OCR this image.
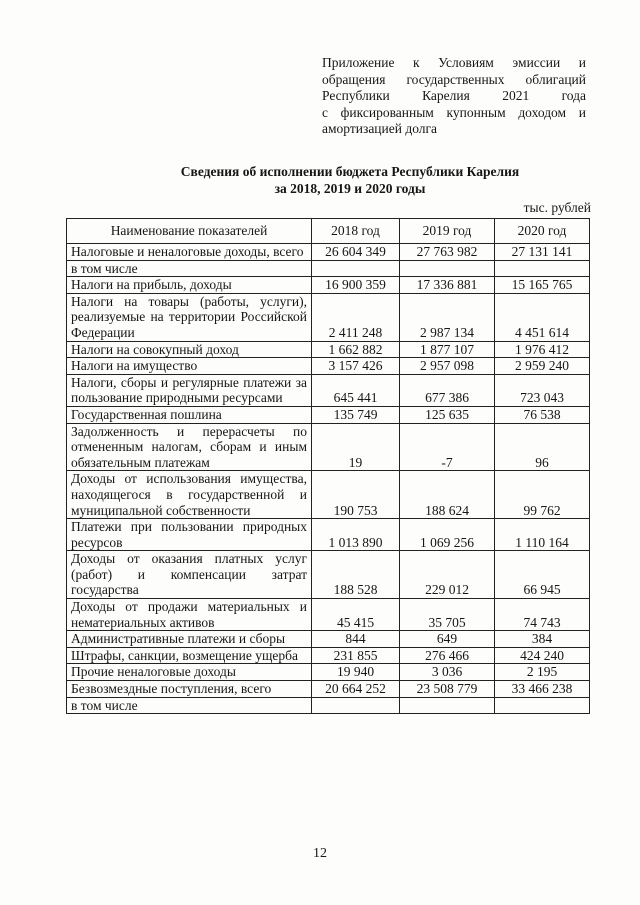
Приложение к Условиям эмиссии и
обращения государственных облигаций
Республики Карелия 2021 года
с фиксированным купонным доходом и
амортизацией долга
Сведения об исполнении бюджета Республики Карелия
за 2018, 2019 и 2020 годы
тыс. рублей
Наименование показателей	2018 год	2019 год	2020 год
Налоговые и неналоговые доходы, всего	26 604 349	27 763 982	27 131 141
в том числе			
Налоги на прибыль, доходы	16 900 359	17 336 881	15 165 765
Налоги на товары (работы, услуги), реализуемые на территории Российской Федерации	2 411 248	2 987 134	4 451 614
Налоги на совокупный доход	1 662 882	1 877 107	1 976 412
Налоги на имущество	3 157 426	2 957 098	2 959 240
Налоги, сборы и регулярные платежи за пользование природными ресурсами	645 441	677 386	723 043
Государственная пошлина	135 749	125 635	76 538
Задолженность и перерасчеты по отмененным налогам, сборам и иным обязательным платежам	19	-7	96
Доходы от использования имущества, находящегося в государственной и муниципальной собственности	190 753	188 624	99 762
Платежи при пользовании природных ресурсов	1 013 890	1 069 256	1 110 164
Доходы от оказания платных услуг (работ) и компенсации затрат государства	188 528	229 012	66 945
Доходы от продажи материальных и нематериальных активов	45 415	35 705	74 743
Административные платежи и сборы	844	649	384
Штрафы, санкции, возмещение ущерба	231 855	276 466	424 240
Прочие неналоговые доходы	19 940	3 036	2 195
Безвозмездные поступления, всего	20 664 252	23 508 779	33 466 238
в том числе			
12
